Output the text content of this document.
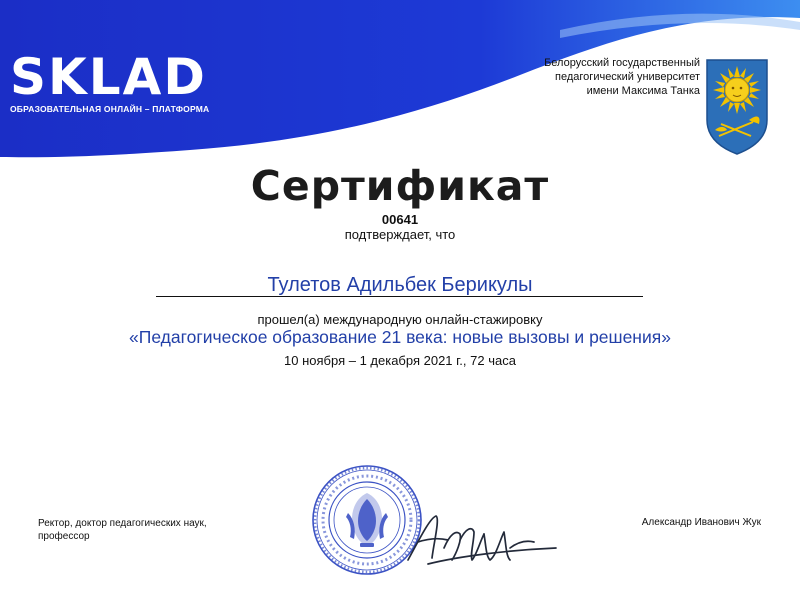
SKLAD
ОБРАЗОВАТЕЛЬНАЯ ОНЛАЙН – ПЛАТФОРМА
Белорусский государственный
педагогический университет
имени Максима Танка
Сертификат
00641
подтверждает, что
Тулетов Адильбек Берикулы
прошел(а) международную онлайн-стажировку
«Педагогическое образование 21 века: новые вызовы и решения»
10 ноября – 1 декабря 2021 г., 72 часа
Ректор, доктор педагогических наук,
профессор
Александр Иванович Жук
